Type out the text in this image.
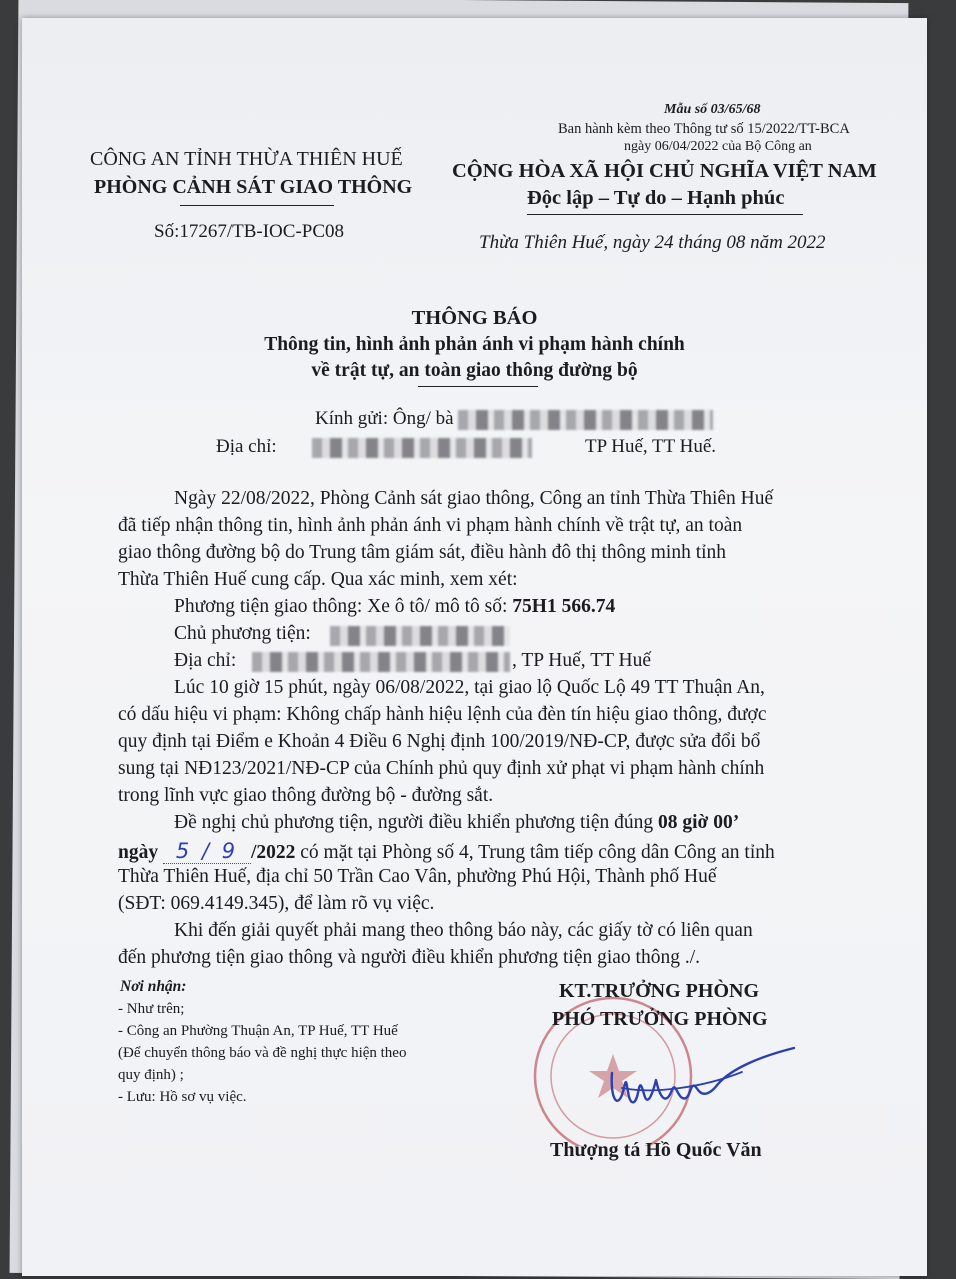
Mẫu số 03/65/68
Ban hành kèm theo Thông tư số 15/2022/TT-BCA
ngày 06/04/2022 của Bộ Công an
CÔNG AN TỈNH THỪA THIÊN HUẾ
PHÒNG CẢNH SÁT GIAO THÔNG
Số:17267/TB-IOC-PC08
CỘNG HÒA XÃ HỘI CHỦ NGHĨA VIỆT NAM
Độc lập – Tự do – Hạnh phúc
Thừa Thiên Huế, ngày 24 tháng 08 năm 2022
THÔNG BÁO
Thông tin, hình ảnh phản ánh vi phạm hành chính
về trật tự, an toàn giao thông đường bộ
Kính gửi: Ông/ bà
Địa chỉ:	TP Huế, TT Huế.
Ngày 22/08/2022, Phòng Cảnh sát giao thông, Công an tỉnh Thừa Thiên Huế
đã tiếp nhận thông tin, hình ảnh phản ánh vi phạm hành chính về trật tự, an toàn
giao thông đường bộ do Trung tâm giám sát, điều hành đô thị thông minh tỉnh
Thừa Thiên Huế cung cấp. Qua xác minh, xem xét:
Phương tiện giao thông: Xe ô tô/ mô tô số: 75H1 566.74
Chủ phương tiện:
Địa chỉ:	, TP Huế, TT Huế
Lúc 10 giờ 15 phút, ngày 06/08/2022, tại giao lộ Quốc Lộ 49 TT Thuận An,
có dấu hiệu vi phạm: Không chấp hành hiệu lệnh của đèn tín hiệu giao thông, được
quy định tại Điểm e Khoản 4 Điều 6 Nghị định 100/2019/NĐ-CP, được sửa đổi bổ
sung tại NĐ123/2021/NĐ-CP của Chính phủ quy định xử phạt vi phạm hành chính
trong lĩnh vực giao thông đường bộ - đường sắt.
Đề nghị chủ phương tiện, người điều khiển phương tiện đúng 08 giờ 00’
ngày 5 / 9 /2022 có mặt tại Phòng số 4, Trung tâm tiếp công dân Công an tỉnh
Thừa Thiên Huế, địa chỉ 50 Trần Cao Vân, phường Phú Hội, Thành phố Huế
(SĐT: 069.4149.345), để làm rõ vụ việc.
Khi đến giải quyết phải mang theo thông báo này, các giấy tờ có liên quan
đến phương tiện giao thông và người điều khiển phương tiện giao thông ./.
Nơi nhận:
- Như trên;
- Công an Phường Thuận An, TP Huế, TT Huế
(Để chuyển thông báo và đề nghị thực hiện theo
quy định) ;
- Lưu: Hồ sơ vụ việc.
KT.TRƯỞNG PHÒNG
PHÓ TRƯỞNG PHÒNG
Thượng tá Hồ Quốc Văn
